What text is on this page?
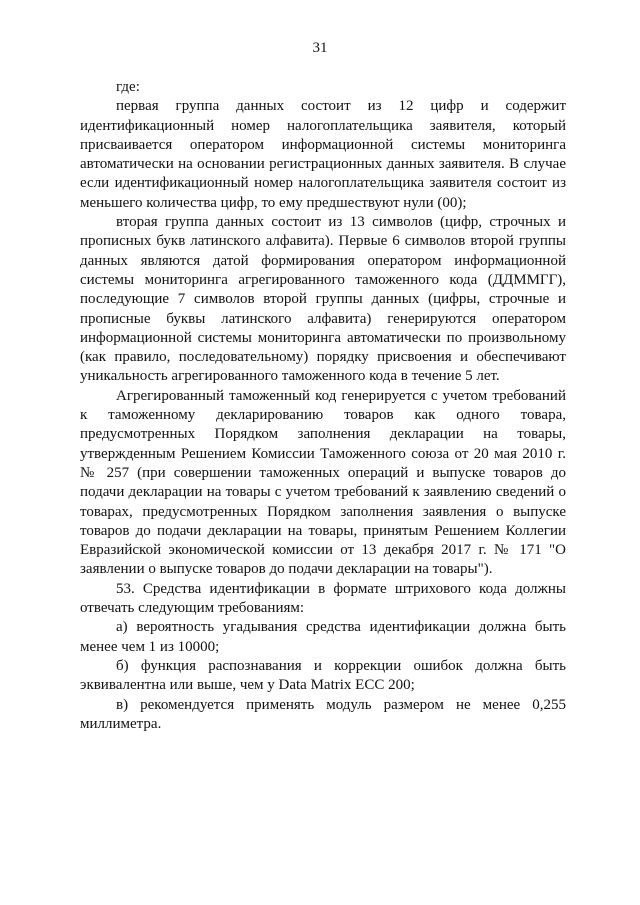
31

где:

первая группа данных состоит из 12 цифр и содержит идентификационный номер налогоплательщика заявителя, который присваивается оператором информационной системы мониторинга автоматически на основании регистрационных данных заявителя. В случае если идентификационный номер налогоплательщика заявителя состоит из меньшего количества цифр, то ему предшествуют нули (00);

вторая группа данных состоит из 13 символов (цифр, строчных и прописных букв латинского алфавита). Первые 6 символов второй группы данных являются датой формирования оператором информационной системы мониторинга агрегированного таможенного кода (ДДММГГ), последующие 7 символов второй группы данных (цифры, строчные и прописные буквы латинского алфавита) генерируются оператором информационной системы мониторинга автоматически по произвольному (как правило, последовательному) порядку присвоения и обеспечивают уникальность агрегированного таможенного кода в течение 5 лет.

Агрегированный таможенный код генерируется с учетом требований к таможенному декларированию товаров как одного товара, предусмотренных Порядком заполнения декларации на товары, утвержденным Решением Комиссии Таможенного союза от 20 мая 2010 г. № 257 (при совершении таможенных операций и выпуске товаров до подачи декларации на товары с учетом требований к заявлению сведений о товарах, предусмотренных Порядком заполнения заявления о выпуске товаров до подачи декларации на товары, принятым Решением Коллегии Евразийской экономической комиссии от 13 декабря 2017 г. № 171 "О заявлении о выпуске товаров до подачи декларации на товары").

53. Средства идентификации в формате штрихового кода должны отвечать следующим требованиям:

а) вероятность угадывания средства идентификации должна быть менее чем 1 из 10000;

б) функция распознавания и коррекции ошибок должна быть эквивалентна или выше, чем у Data Matrix ECC 200;

в) рекомендуется применять модуль размером не менее 0,255 миллиметра.
